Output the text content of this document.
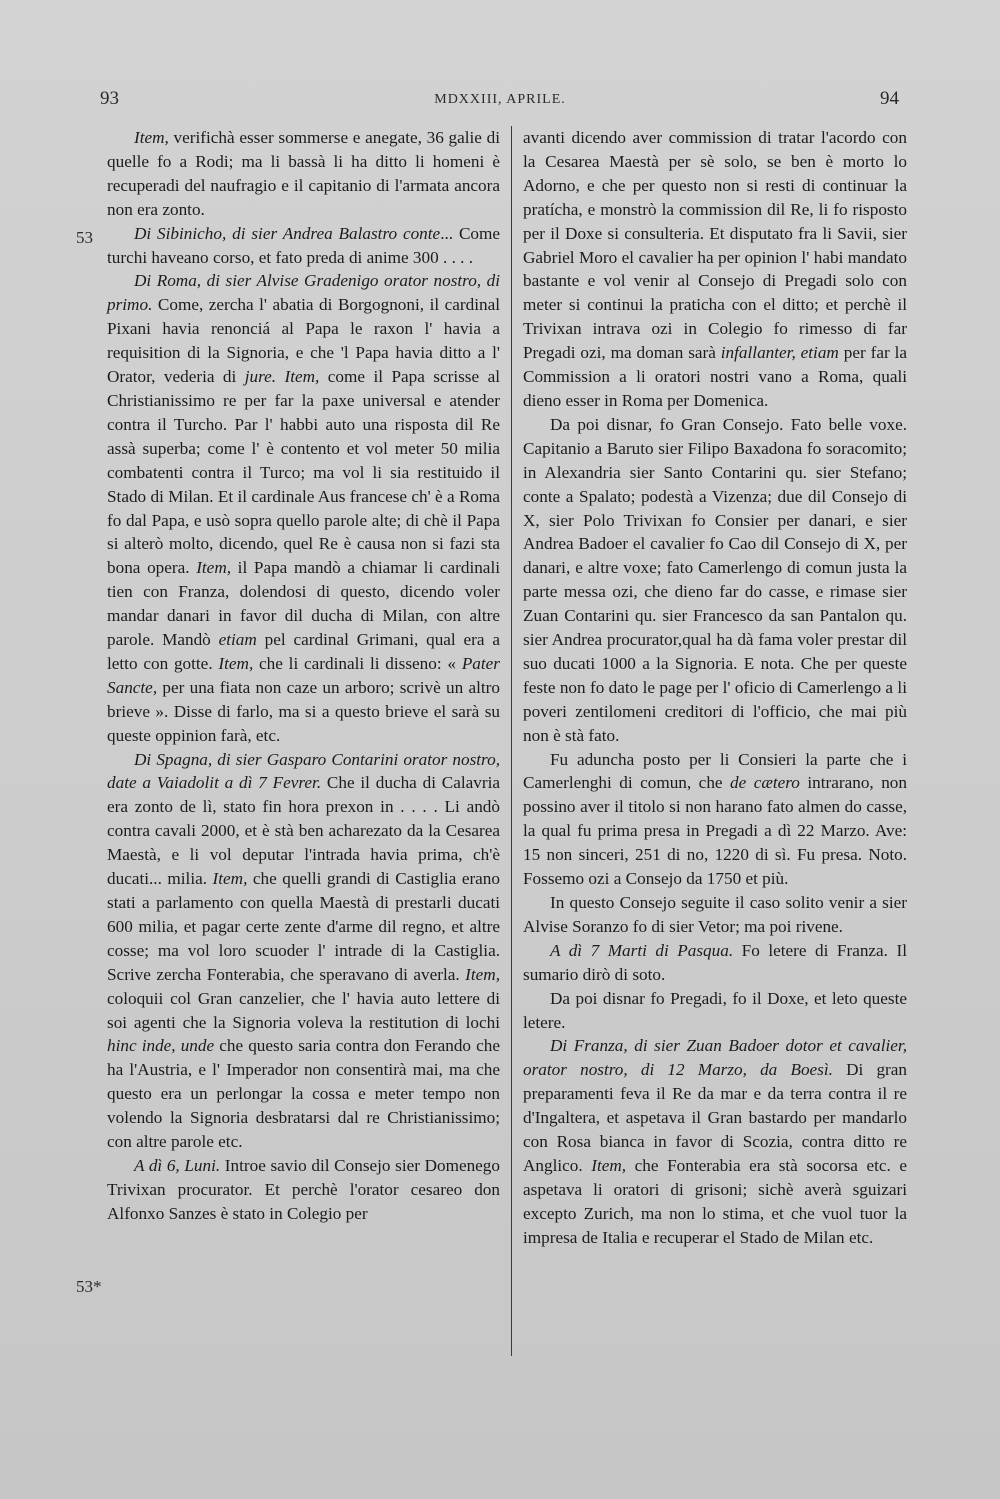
93	MDXXIII, APRILE.	94
53
53*

Item, verifichà esser sommerse e anegate, 36 galie di quelle fo a Rodi; ma li bassà li ha ditto li homeni è recuperadi del naufragio e il capitanio di l'armata ancora non era zonto.

Di Sibinicho, di sier Andrea Balastro conte... Come turchi haveano corso, et fato preda di anime 300 . . . .

Di Roma, di sier Alvise Gradenigo orator nostro, di primo. Come, zercha l' abatia di Borgognoni, il cardinal Pixani havia renonciá al Papa le raxon l' havia a requisition di la Signoria, e che 'l Papa havia ditto a l' Orator, vederia di jure. Item, come il Papa scrisse al Christianissimo re per far la paxe universal e atender contra il Turcho. Par l' habbi auto una risposta dil Re assà superba; come l' è contento et vol meter 50 milia combatenti contra il Turco; ma vol li sia restituido il Stado di Milan. Et il cardinale Aus francese ch' è a Roma fo dal Papa, e usò sopra quello parole alte; di chè il Papa si alterò molto, dicendo, quel Re è causa non si fazi sta bona opera. Item, il Papa mandò a chiamar li cardinali tien con Franza, dolendosi di questo, dicendo voler mandar danari in favor dil ducha di Milan, con altre parole. Mandò etiam pel cardinal Grimani, qual era a letto con gotte. Item, che li cardinali li disseno: « Pater Sancte, per una fiata non caze un arboro; scrivè un altro brieve ». Disse di farlo, ma si a questo brieve el sarà su queste oppinion farà, etc.

Di Spagna, di sier Gasparo Contarini orator nostro, date a Vaiadolit a dì 7 Fevrer. Che il ducha di Calavria era zonto de lì, stato fin hora prexon in . . . . Li andò contra cavali 2000, et è stà ben acharezato da la Cesarea Maestà, e li vol deputar l'intrada havia prima, ch'è ducati... milia. Item, che quelli grandi di Castiglia erano stati a parlamento con quella Maestà di prestarli ducati 600 milia, et pagar certe zente d'arme dil regno, et altre cosse; ma vol loro scuoder l' intrade di la Castiglia. Scrive zercha Fonterabia, che speravano di averla. Item, coloquii col Gran canzelier, che l' havia auto lettere di soi agenti che la Signoria voleva la restitution di lochi hinc inde, unde che questo saria contra don Ferando che ha l'Austria, e l' Imperador non consentirà mai, ma che questo era un perlongar la cossa e meter tempo non volendo la Signoria desbratarsi dal re Christianissimo; con altre parole etc.

A dì 6, Luni. Introe savio dil Consejo sier Domenego Trivixan procurator. Et perchè l'orator cesareo don Alfonxo Sanzes è stato in Colegio per

avanti dicendo aver commission di tratar l'acordo con la Cesarea Maestà per sè solo, se ben è morto lo Adorno, e che per questo non si resti di continuar la pratícha, e monstrò la commission dil Re, li fo risposto per il Doxe si consulteria. Et disputato fra li Savii, sier Gabriel Moro el cavalier ha per opinion l' habi mandato bastante e vol venir al Consejo di Pregadi solo con meter si continui la praticha con el ditto; et perchè il Trivixan intrava ozi in Colegio fo rimesso di far Pregadi ozi, ma doman sarà infallanter, etiam per far la Commission a li oratori nostri vano a Roma, quali dieno esser in Roma per Domenica.

Da poi disnar, fo Gran Consejo. Fato belle voxe. Capitanio a Baruto sier Filipo Baxadona fo soracomito; in Alexandria sier Santo Contarini qu. sier Stefano; conte a Spalato; podestà a Vizenza; due dil Consejo di X, sier Polo Trivixan fo Consier per danari, e sier Andrea Badoer el cavalier fo Cao dil Consejo di X, per danari, e altre voxe; fato Camerlengo di comun justa la parte messa ozi, che dieno far do casse, e rimase sier Zuan Contarini qu. sier Francesco da san Pantalon qu. sier Andrea procurator,qual ha dà fama voler prestar dil suo ducati 1000 a la Signoria. E nota. Che per queste feste non fo dato le page per l' oficio di Camerlengo a li poveri zentilomeni creditori di l'officio, che mai più non è stà fato.

Fu aduncha posto per li Consieri la parte che i Camerlenghi di comun, che de cætero intrarano, non possino aver il titolo si non harano fato almen do casse, la qual fu prima presa in Pregadi a dì 22 Marzo. Ave: 15 non sinceri, 251 di no, 1220 di sì. Fu presa. Noto. Fossemo ozi a Consejo da 1750 et più.

In questo Consejo seguite il caso solito venir a sier Alvise Soranzo fo di sier Vetor; ma poi rivene.

A dì 7 Marti di Pasqua. Fo letere di Franza. Il sumario dirò di soto.

Da poi disnar fo Pregadi, fo il Doxe, et leto queste letere.

Di Franza, di sier Zuan Badoer dotor et cavalier, orator nostro, di 12 Marzo, da Boesì. Di gran preparamenti feva il Re da mar e da terra contra il re d'Ingaltera, et aspetava il Gran bastardo per mandarlo con Rosa bianca in favor di Scozia, contra ditto re Anglico. Item, che Fonterabia era stà socorsa etc. e aspetava li oratori di grisoni; sichè averà sguizari excepto Zurich, ma non lo stima, et che vuol tuor la impresa de Italia e recuperar el Stado de Milan etc.
